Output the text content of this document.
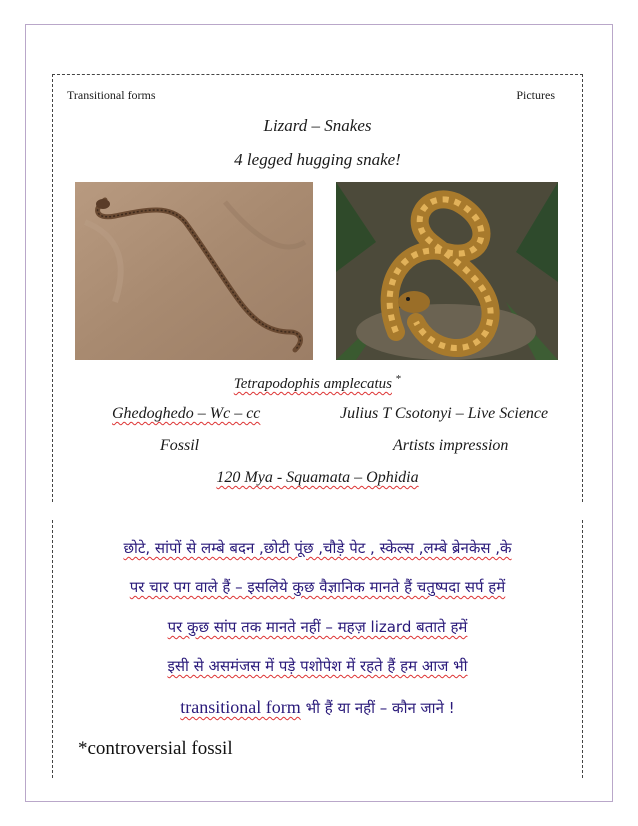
Transitional forms	Pictures
Lizard – Snakes
4 legged hugging snake!
Tetrapodophis amplecatus *
Ghedoghedo – Wc – cc	Julius T Csotonyi – Live Science
Fossil	Artists impression
120 Mya - Squamata – Ophidia
छोटे, सांपों से लम्बे बदन ,छोटी पूंछ ,चौड़े पेट , स्केल्स ,लम्बे ब्रेनकेस ,के
पर चार पग वाले हैं – इसलिये कुछ वैज्ञानिक मानते हैं चतुष्पदा सर्प हमें
पर कुछ सांप तक मानते नहीं – महज़ lizard बताते हमें
इसी से असमंजस में पड़े पशोपेश में रहते हैं हम आज भी
transitional form भी हैं या नहीं – कौन जाने !
*controversial fossil
